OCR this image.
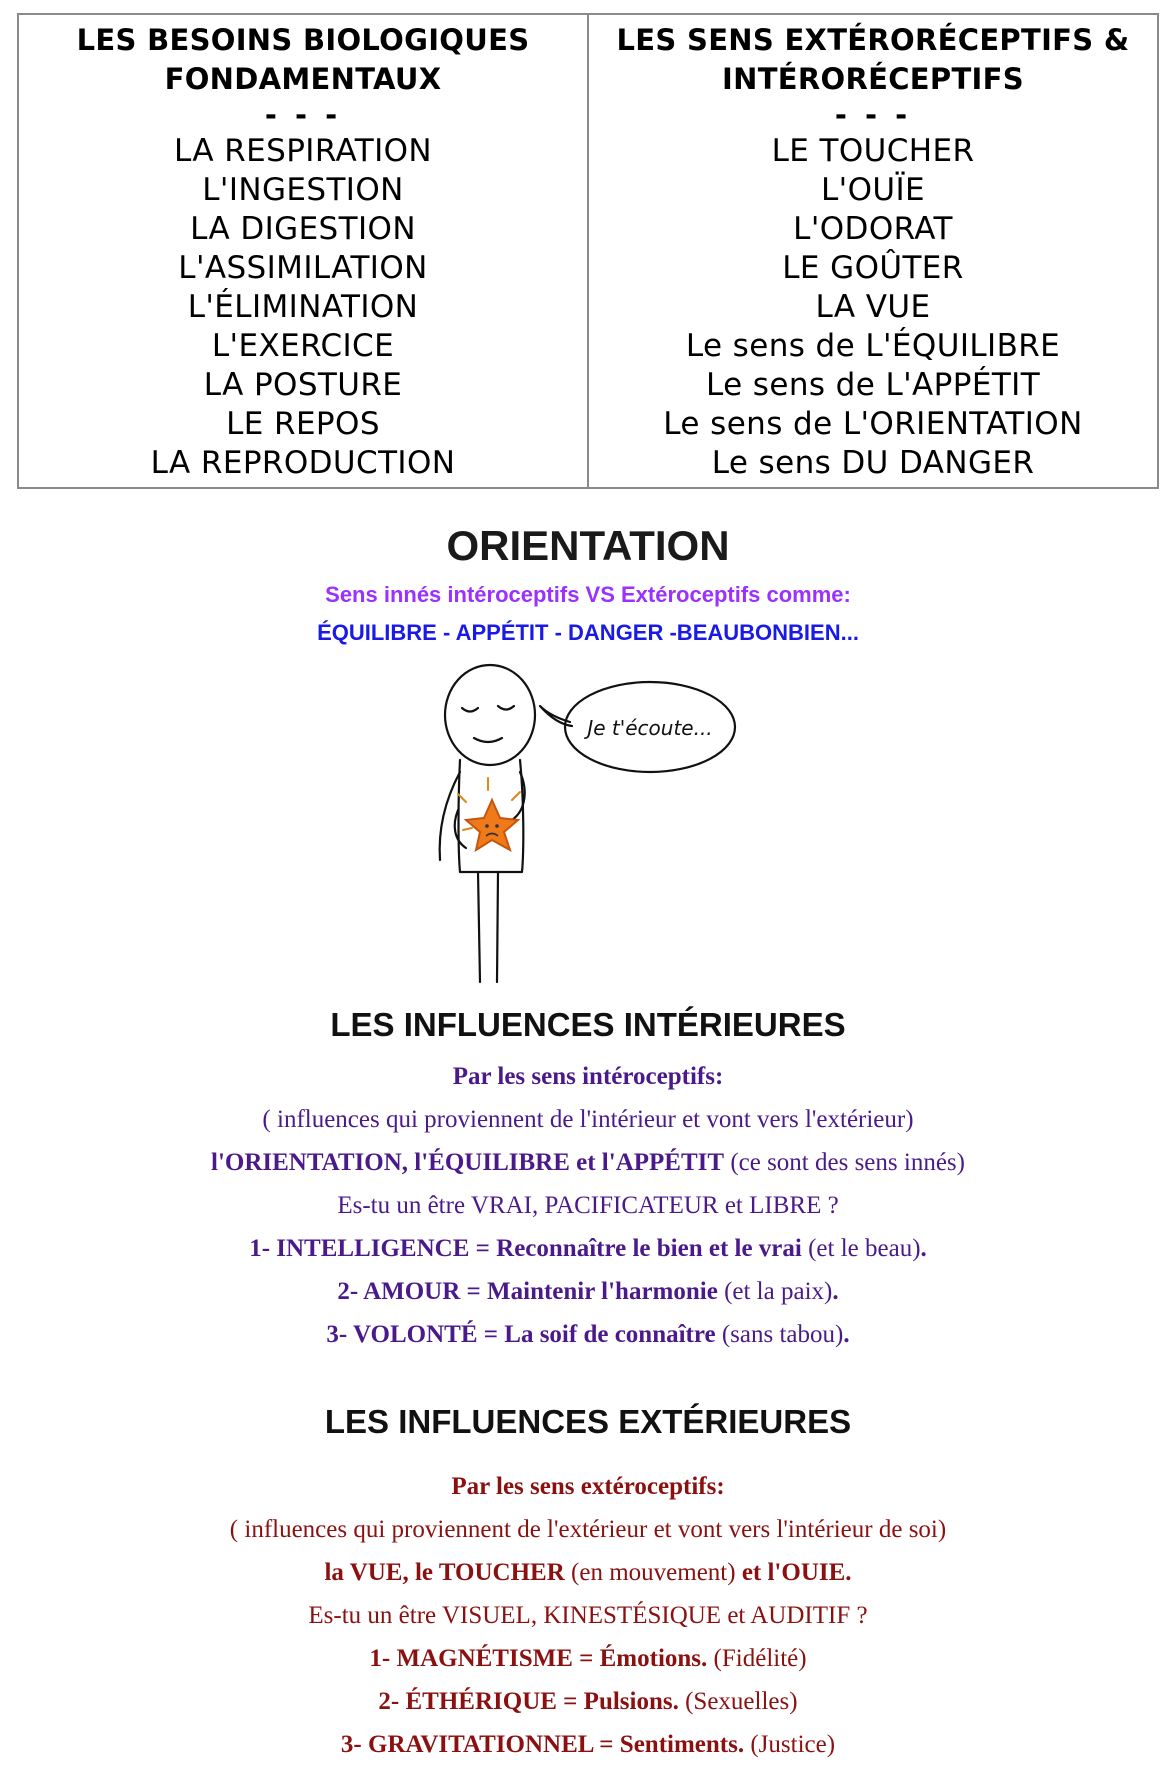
LES BESOINS BIOLOGIQUES
FONDAMENTAUX
- - -
LA RESPIRATION
L'INGESTION
LA DIGESTION
L'ASSIMILATION
L'ÉLIMINATION
L'EXERCICE
LA POSTURE
LE REPOS
LA REPRODUCTION
LES SENS EXTÉRORÉCEPTIFS &
INTÉRORÉCEPTIFS
- - -
LE TOUCHER
L'OUÏE
L'ODORAT
LE GOÛTER
LA VUE
Le sens de L'ÉQUILIBRE
Le sens de L'APPÉTIT
Le sens de L'ORIENTATION
Le sens DU DANGER
ORIENTATION
Sens innés intéroceptifs VS Extéroceptifs comme:
ÉQUILIBRE - APPÉTIT - DANGER -BEAUBONBIEN...
Je t'écoute...
LES INFLUENCES INTÉRIEURES

Par les sens intéroceptifs:

( influences qui proviennent de l'intérieur et vont vers l'extérieur)

l'ORIENTATION, l'ÉQUILIBRE et l'APPÉTIT (ce sont des sens innés)

Es-tu un être VRAI, PACIFICATEUR et LIBRE ?

1- INTELLIGENCE = Reconnaître le bien et le vrai (et le beau).

2- AMOUR = Maintenir l'harmonie (et la paix).

3- VOLONTÉ = La soif de connaître (sans tabou).

LES INFLUENCES EXTÉRIEURES

Par les sens extéroceptifs:

( influences qui proviennent de l'extérieur et vont vers l'intérieur de soi)

la VUE, le TOUCHER (en mouvement) et l'OUIE.

Es-tu un être VISUEL, KINESTÉSIQUE et AUDITIF ?

1- MAGNÉTISME = Émotions. (Fidélité)

2- ÉTHÉRIQUE = Pulsions. (Sexuelles)

3- GRAVITATIONNEL = Sentiments. (Justice)
